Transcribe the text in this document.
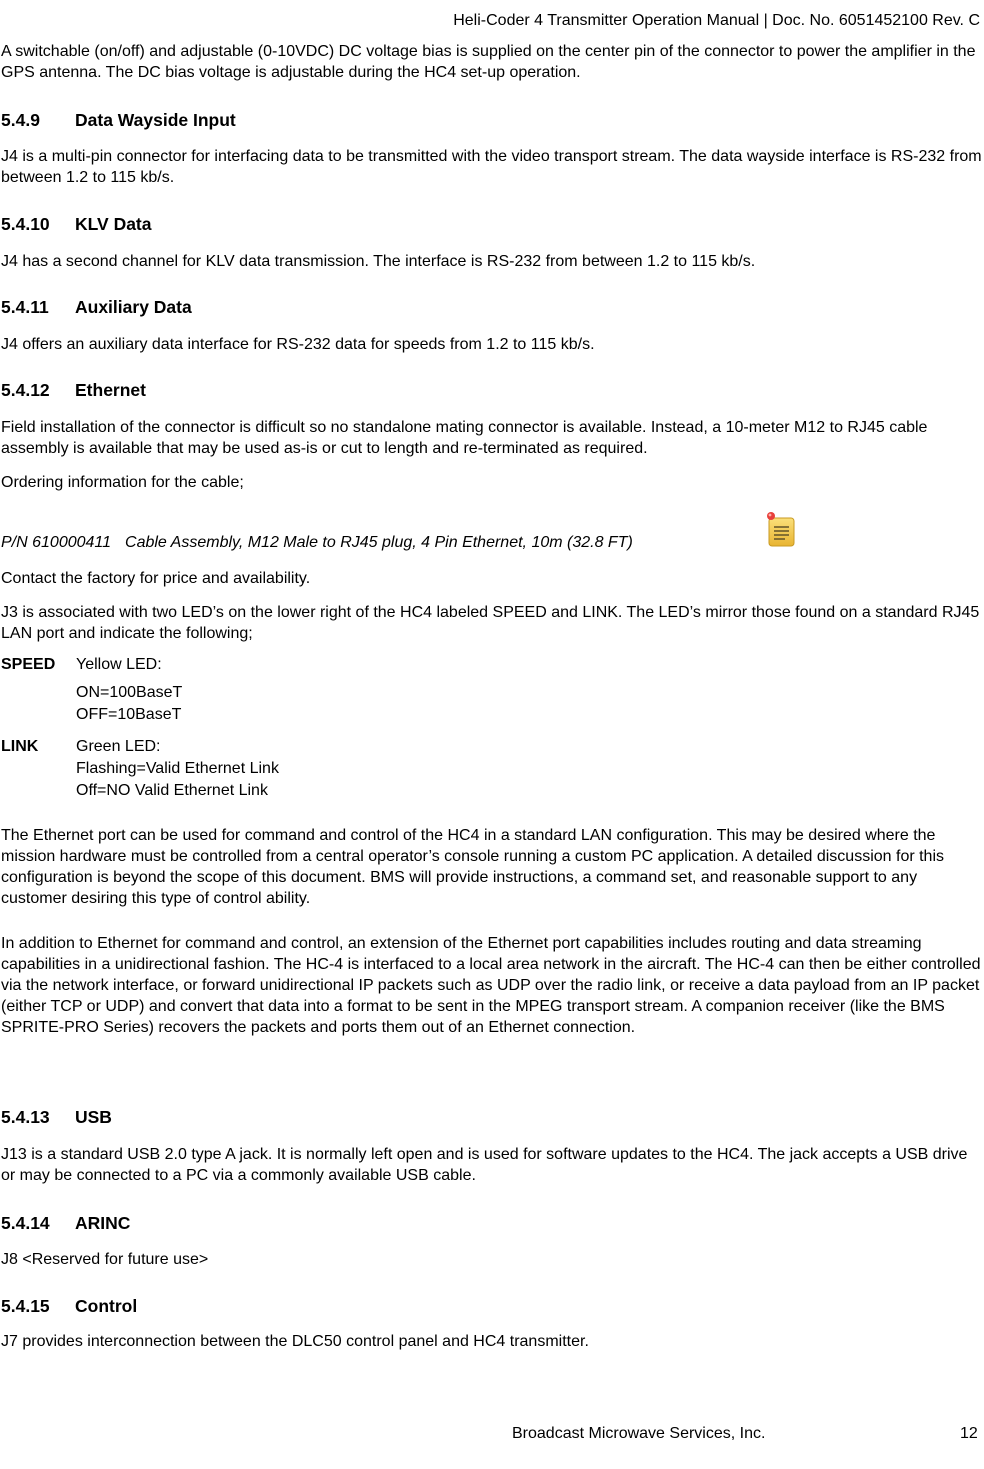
Heli-Coder 4 Transmitter Operation Manual | Doc. No. 6051452100 Rev. C
A switchable (on/off) and adjustable (0-10VDC) DC voltage bias is supplied on the center pin of the connector to power the amplifier in the GPS antenna. The DC bias voltage is adjustable during the HC4 set-up operation.
5.4.9 Data Wayside Input
J4 is a multi-pin connector for interfacing data to be transmitted with the video transport stream. The data wayside interface is RS-232 from between 1.2 to 115 kb/s.
5.4.10 KLV Data
J4 has a second channel for KLV data transmission. The interface is RS-232 from between 1.2 to 115 kb/s.
5.4.11 Auxiliary Data
J4 offers an auxiliary data interface for RS-232 data for speeds from 1.2 to 115 kb/s.
5.4.12 Ethernet
Field installation of the connector is difficult so no standalone mating connector is available. Instead, a 10-meter M12 to RJ45 cable assembly is available that may be used as-is or cut to length and re-terminated as required.
Ordering information for the cable;
P/N 610000411 Cable Assembly, M12 Male to RJ45 plug, 4 Pin Ethernet, 10m (32.8 FT)
Contact the factory for price and availability.
J3 is associated with two LED’s on the lower right of the HC4 labeled SPEED and LINK. The LED’s mirror those found on a standard RJ45 LAN port and indicate the following;
SPEED Yellow LED:
ON=100BaseT
OFF=10BaseT
LINK Green LED:
Flashing=Valid Ethernet Link
Off=NO Valid Ethernet Link
The Ethernet port can be used for command and control of the HC4 in a standard LAN configuration. This may be desired where the mission hardware must be controlled from a central operator’s console running a custom PC application. A detailed discussion for this configuration is beyond the scope of this document. BMS will provide instructions, a command set, and reasonable support to any customer desiring this type of control ability.
In addition to Ethernet for command and control, an extension of the Ethernet port capabilities includes routing and data streaming capabilities in a unidirectional fashion. The HC-4 is interfaced to a local area network in the aircraft. The HC-4 can then be either controlled via the network interface, or forward unidirectional IP packets such as UDP over the radio link, or receive a data payload from an IP packet (either TCP or UDP) and convert that data into a format to be sent in the MPEG transport stream. A companion receiver (like the BMS SPRITE-PRO Series) recovers the packets and ports them out of an Ethernet connection.
5.4.13 USB
J13 is a standard USB 2.0 type A jack. It is normally left open and is used for software updates to the HC4. The jack accepts a USB drive or may be connected to a PC via a commonly available USB cable.
5.4.14 ARINC
J8 <Reserved for future use>
5.4.15 Control
J7 provides interconnection between the DLC50 control panel and HC4 transmitter.
Broadcast Microwave Services, Inc.	12
